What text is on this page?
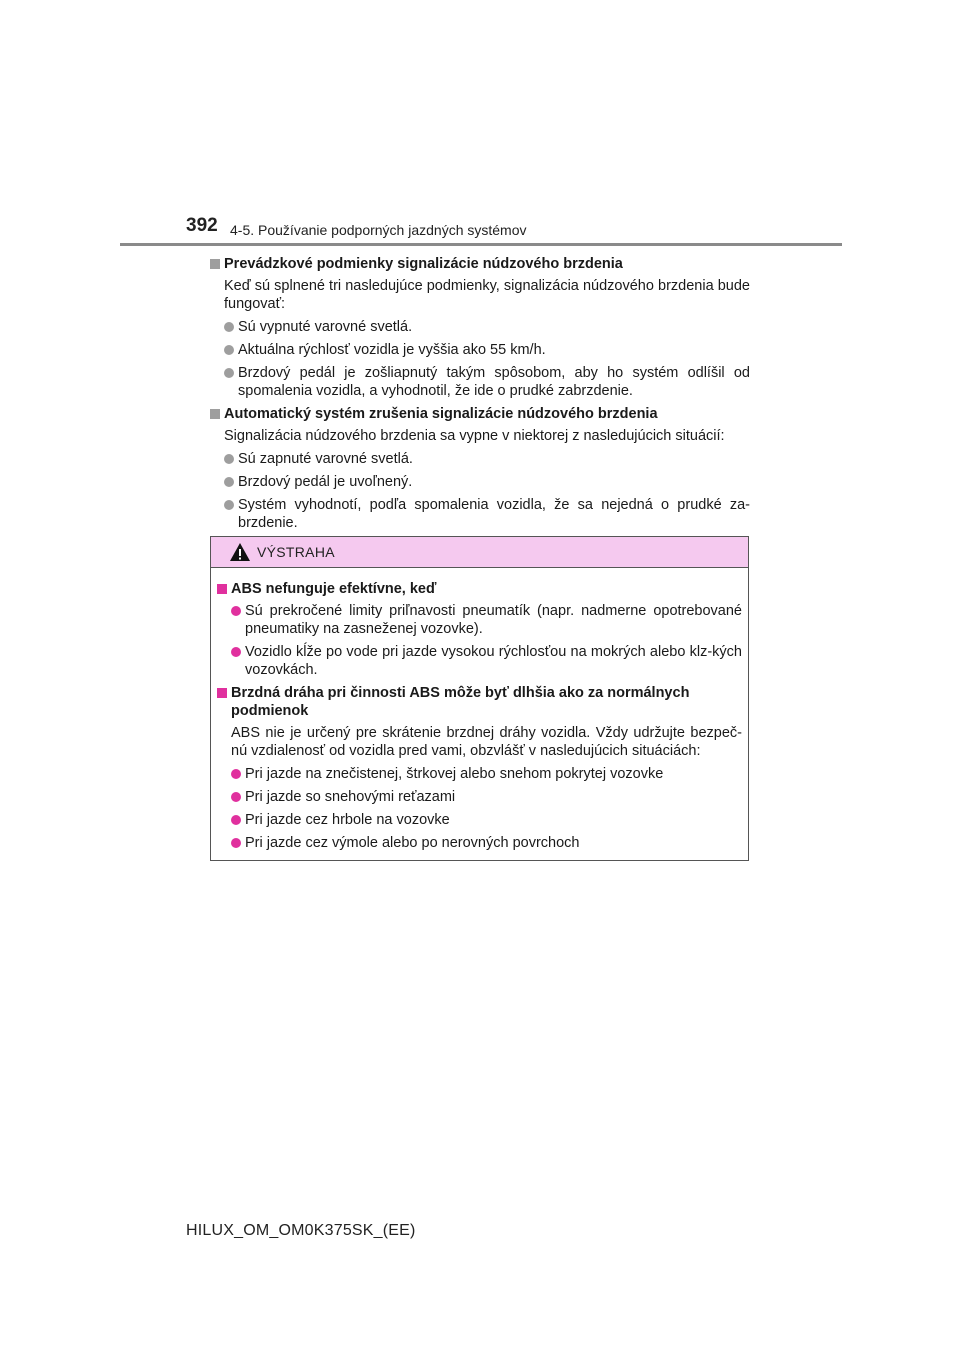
392 4-5. Používanie podporných jazdných systémov
Prevádzkové podmienky signalizácie núdzového brzdenia
Keď sú splnené tri nasledujúce podmienky, signalizácia núdzového brzdenia bude fungovať:
Sú vypnuté varovné svetlá.
Aktuálna rýchlosť vozidla je vyššia ako 55 km/h.
Brzdový pedál je zošliapnutý takým spôsobom, aby ho systém odlíšil od spomalenia vozidla, a vyhodnotil, že ide o prudké zabrzdenie.
Automatický systém zrušenia signalizácie núdzového brzdenia
Signalizácia núdzového brzdenia sa vypne v niektorej z nasledujúcich situácií:
Sú zapnuté varovné svetlá.
Brzdový pedál je uvoľnený.
Systém vyhodnotí, podľa spomalenia vozidla, že sa nejedná o prudké za-brzdenie.
VÝSTRAHA
ABS nefunguje efektívne, keď
Sú prekročené limity priľnavosti pneumatík (napr. nadmerne opotrebované pneumatiky na zasneženej vozovke).
Vozidlo kĺže po vode pri jazde vysokou rýchlosťou na mokrých alebo klz-kých vozovkách.
Brzdná dráha pri činnosti ABS môže byť dlhšia ako za normálnych podmienok
ABS nie je určený pre skrátenie brzdnej dráhy vozidla. Vždy udržujte bezpeč-nú vzdialenosť od vozidla pred vami, obzvlášť v nasledujúcich situáciách:
Pri jazde na znečistenej, štrkovej alebo snehom pokrytej vozovke
Pri jazde so snehovými reťazami
Pri jazde cez hrbole na vozovke
Pri jazde cez výmole alebo po nerovných povrchoch
HILUX_OM_OM0K375SK_(EE)
